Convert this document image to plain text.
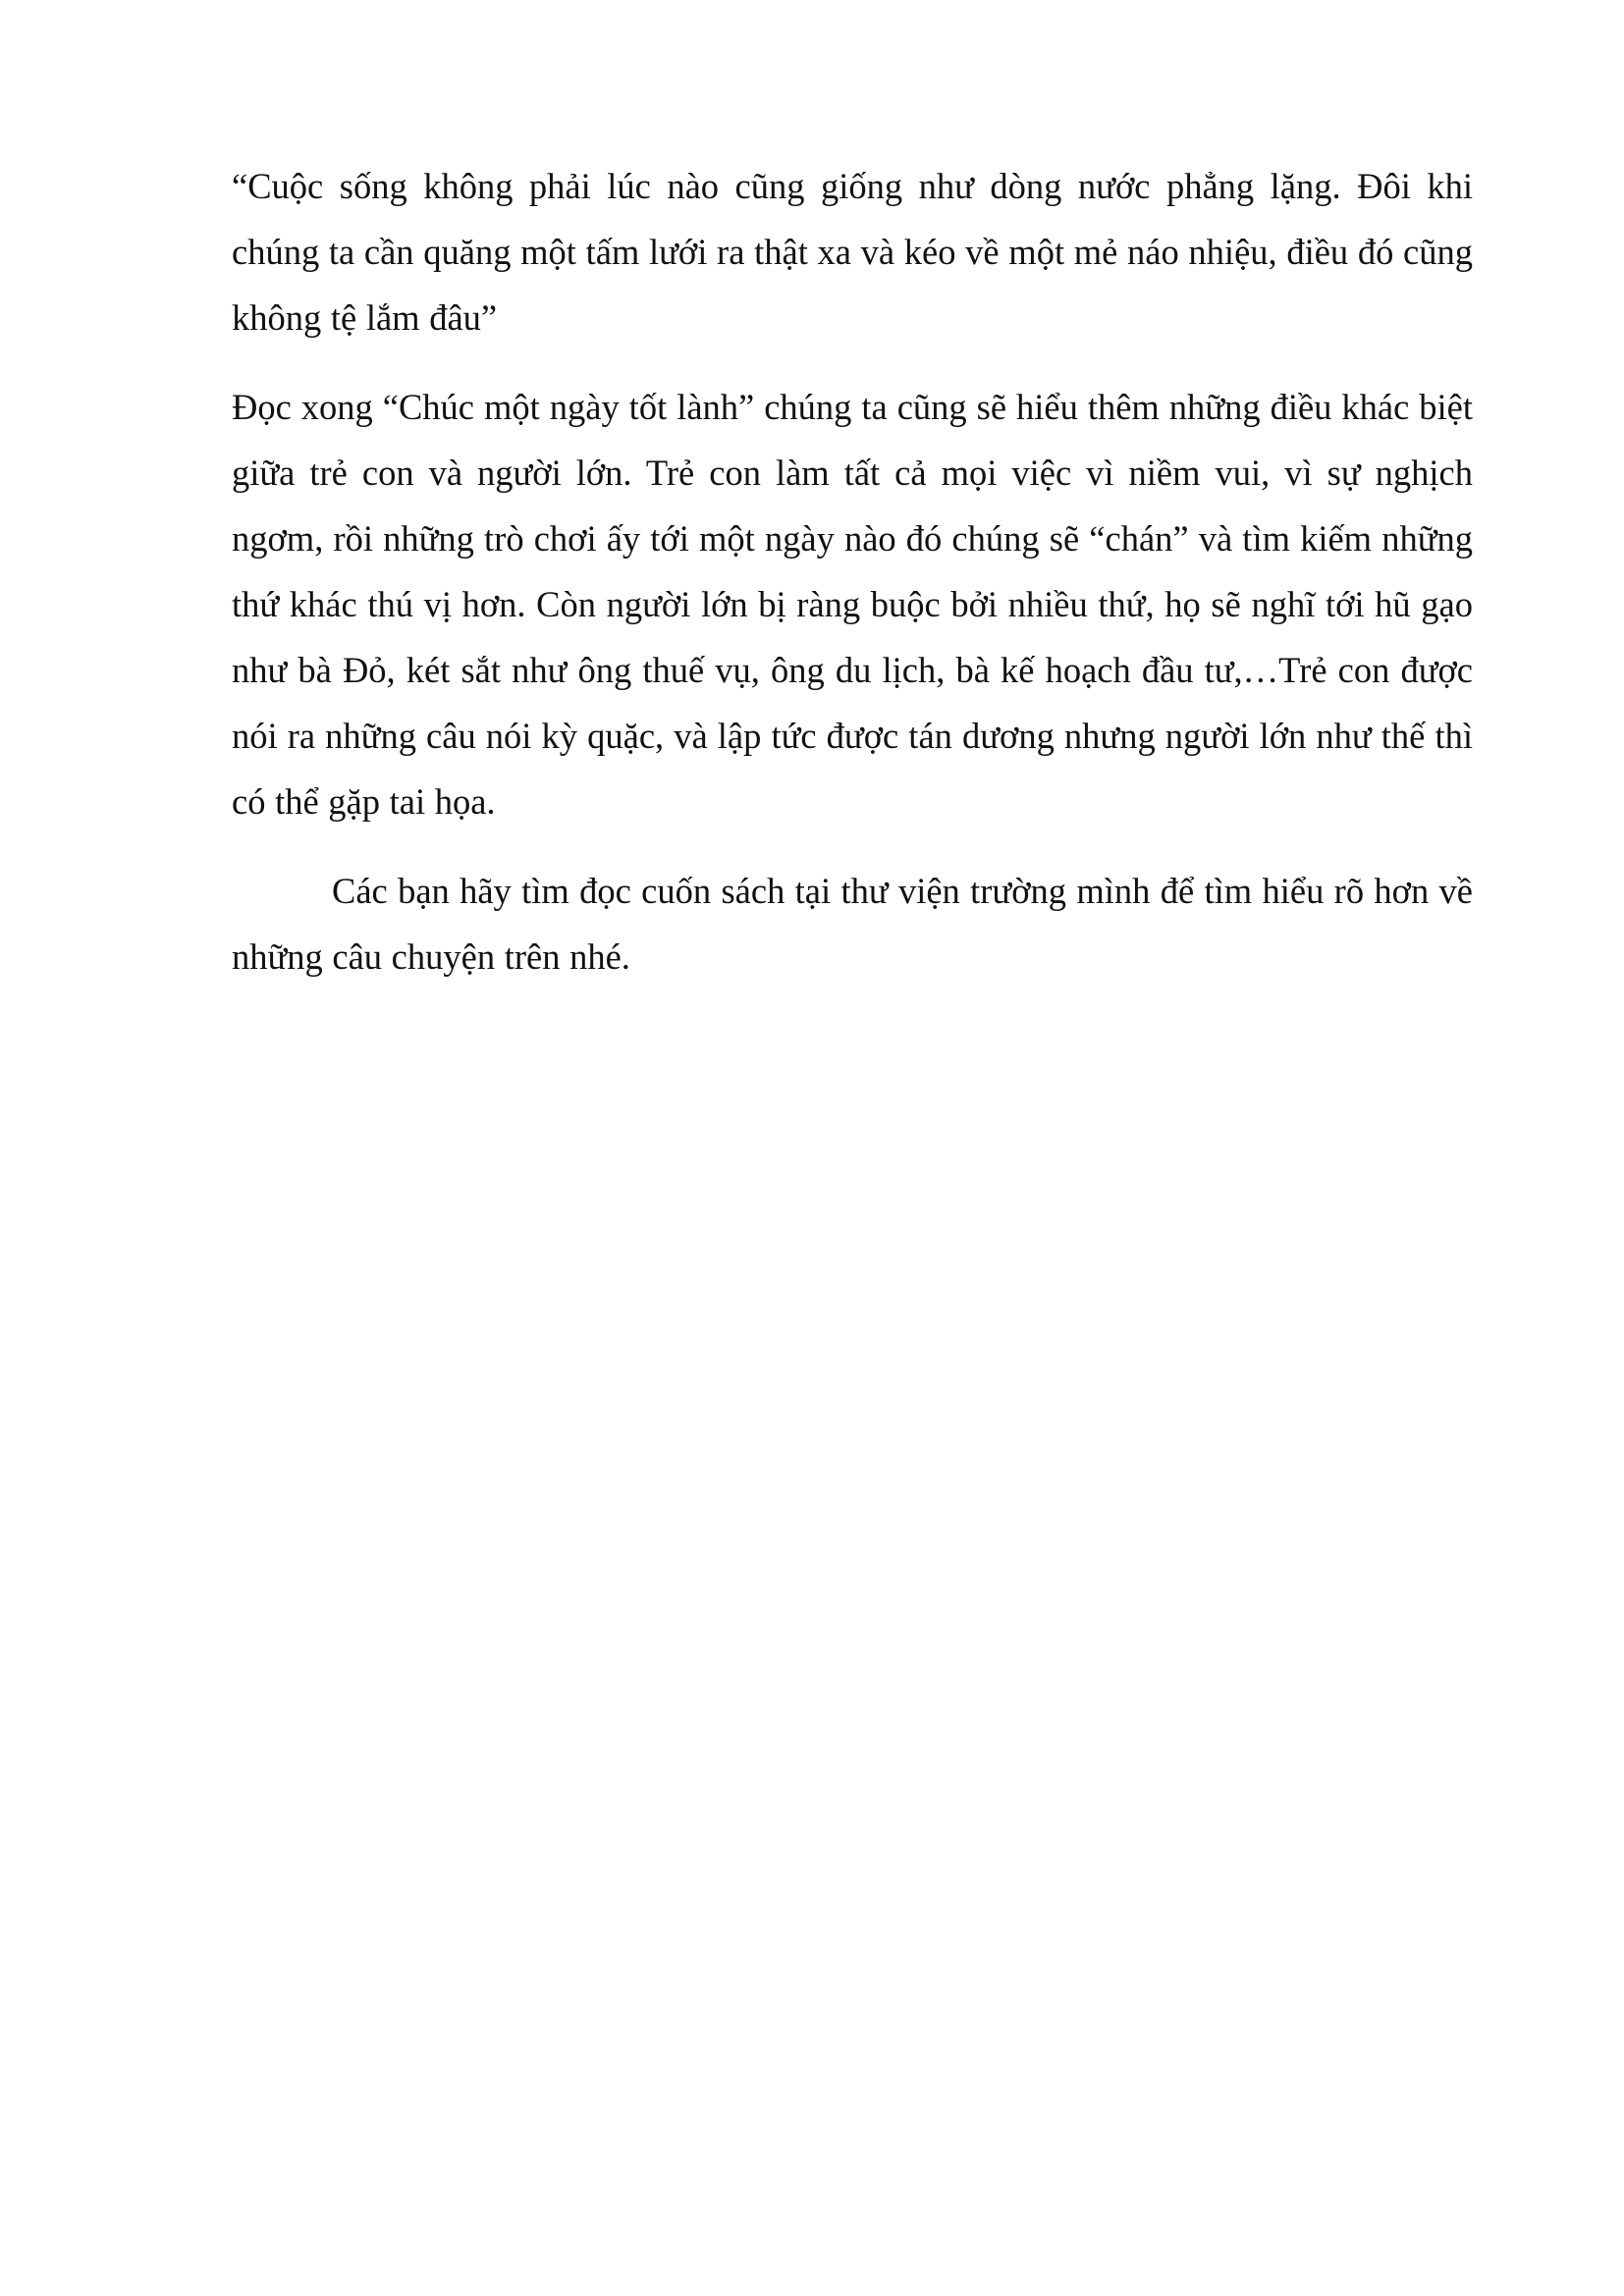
“Cuộc sống không phải lúc nào cũng giống như dòng nước phẳng lặng. Đôi khi chúng ta cần quăng một tấm lưới ra thật xa và kéo về một mẻ náo nhiệu, điều đó cũng không tệ lắm đâu”

Đọc xong “Chúc một ngày tốt lành” chúng ta cũng sẽ hiểu thêm những điều khác biệt giữa trẻ con và người lớn. Trẻ con làm tất cả mọi việc vì niềm vui, vì sự nghịch ngơm, rồi những trò chơi ấy tới một ngày nào đó chúng sẽ “chán” và tìm kiếm những thứ khác thú vị hơn. Còn người lớn bị ràng buộc bởi nhiều thứ, họ sẽ nghĩ tới hũ gạo như bà Đỏ, két sắt như ông thuế vụ, ông du lịch, bà kế hoạch đầu tư,…Trẻ con được nói ra những câu nói kỳ quặc, và lập tức được tán dương nhưng người lớn như thế thì có thể gặp tai họa.

Các bạn hãy tìm đọc cuốn sách tại thư viện trường mình để tìm hiểu rõ hơn về những câu chuyện trên nhé.
